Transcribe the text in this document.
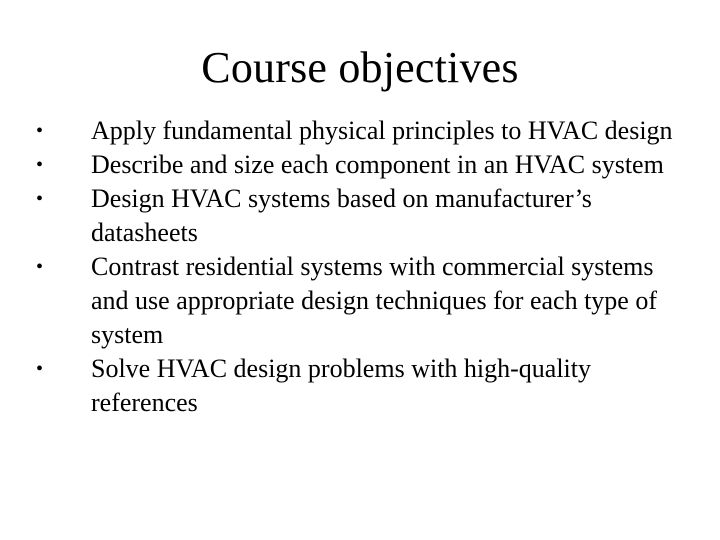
Course objectives
•	Apply fundamental physical principles to HVAC design
•	Describe and size each component in an HVAC system
•	Design HVAC systems based on manufacturer’s datasheets
•	Contrast residential systems with commercial systems and use appropriate design techniques for each type of system
•	Solve HVAC design problems with high-quality references
